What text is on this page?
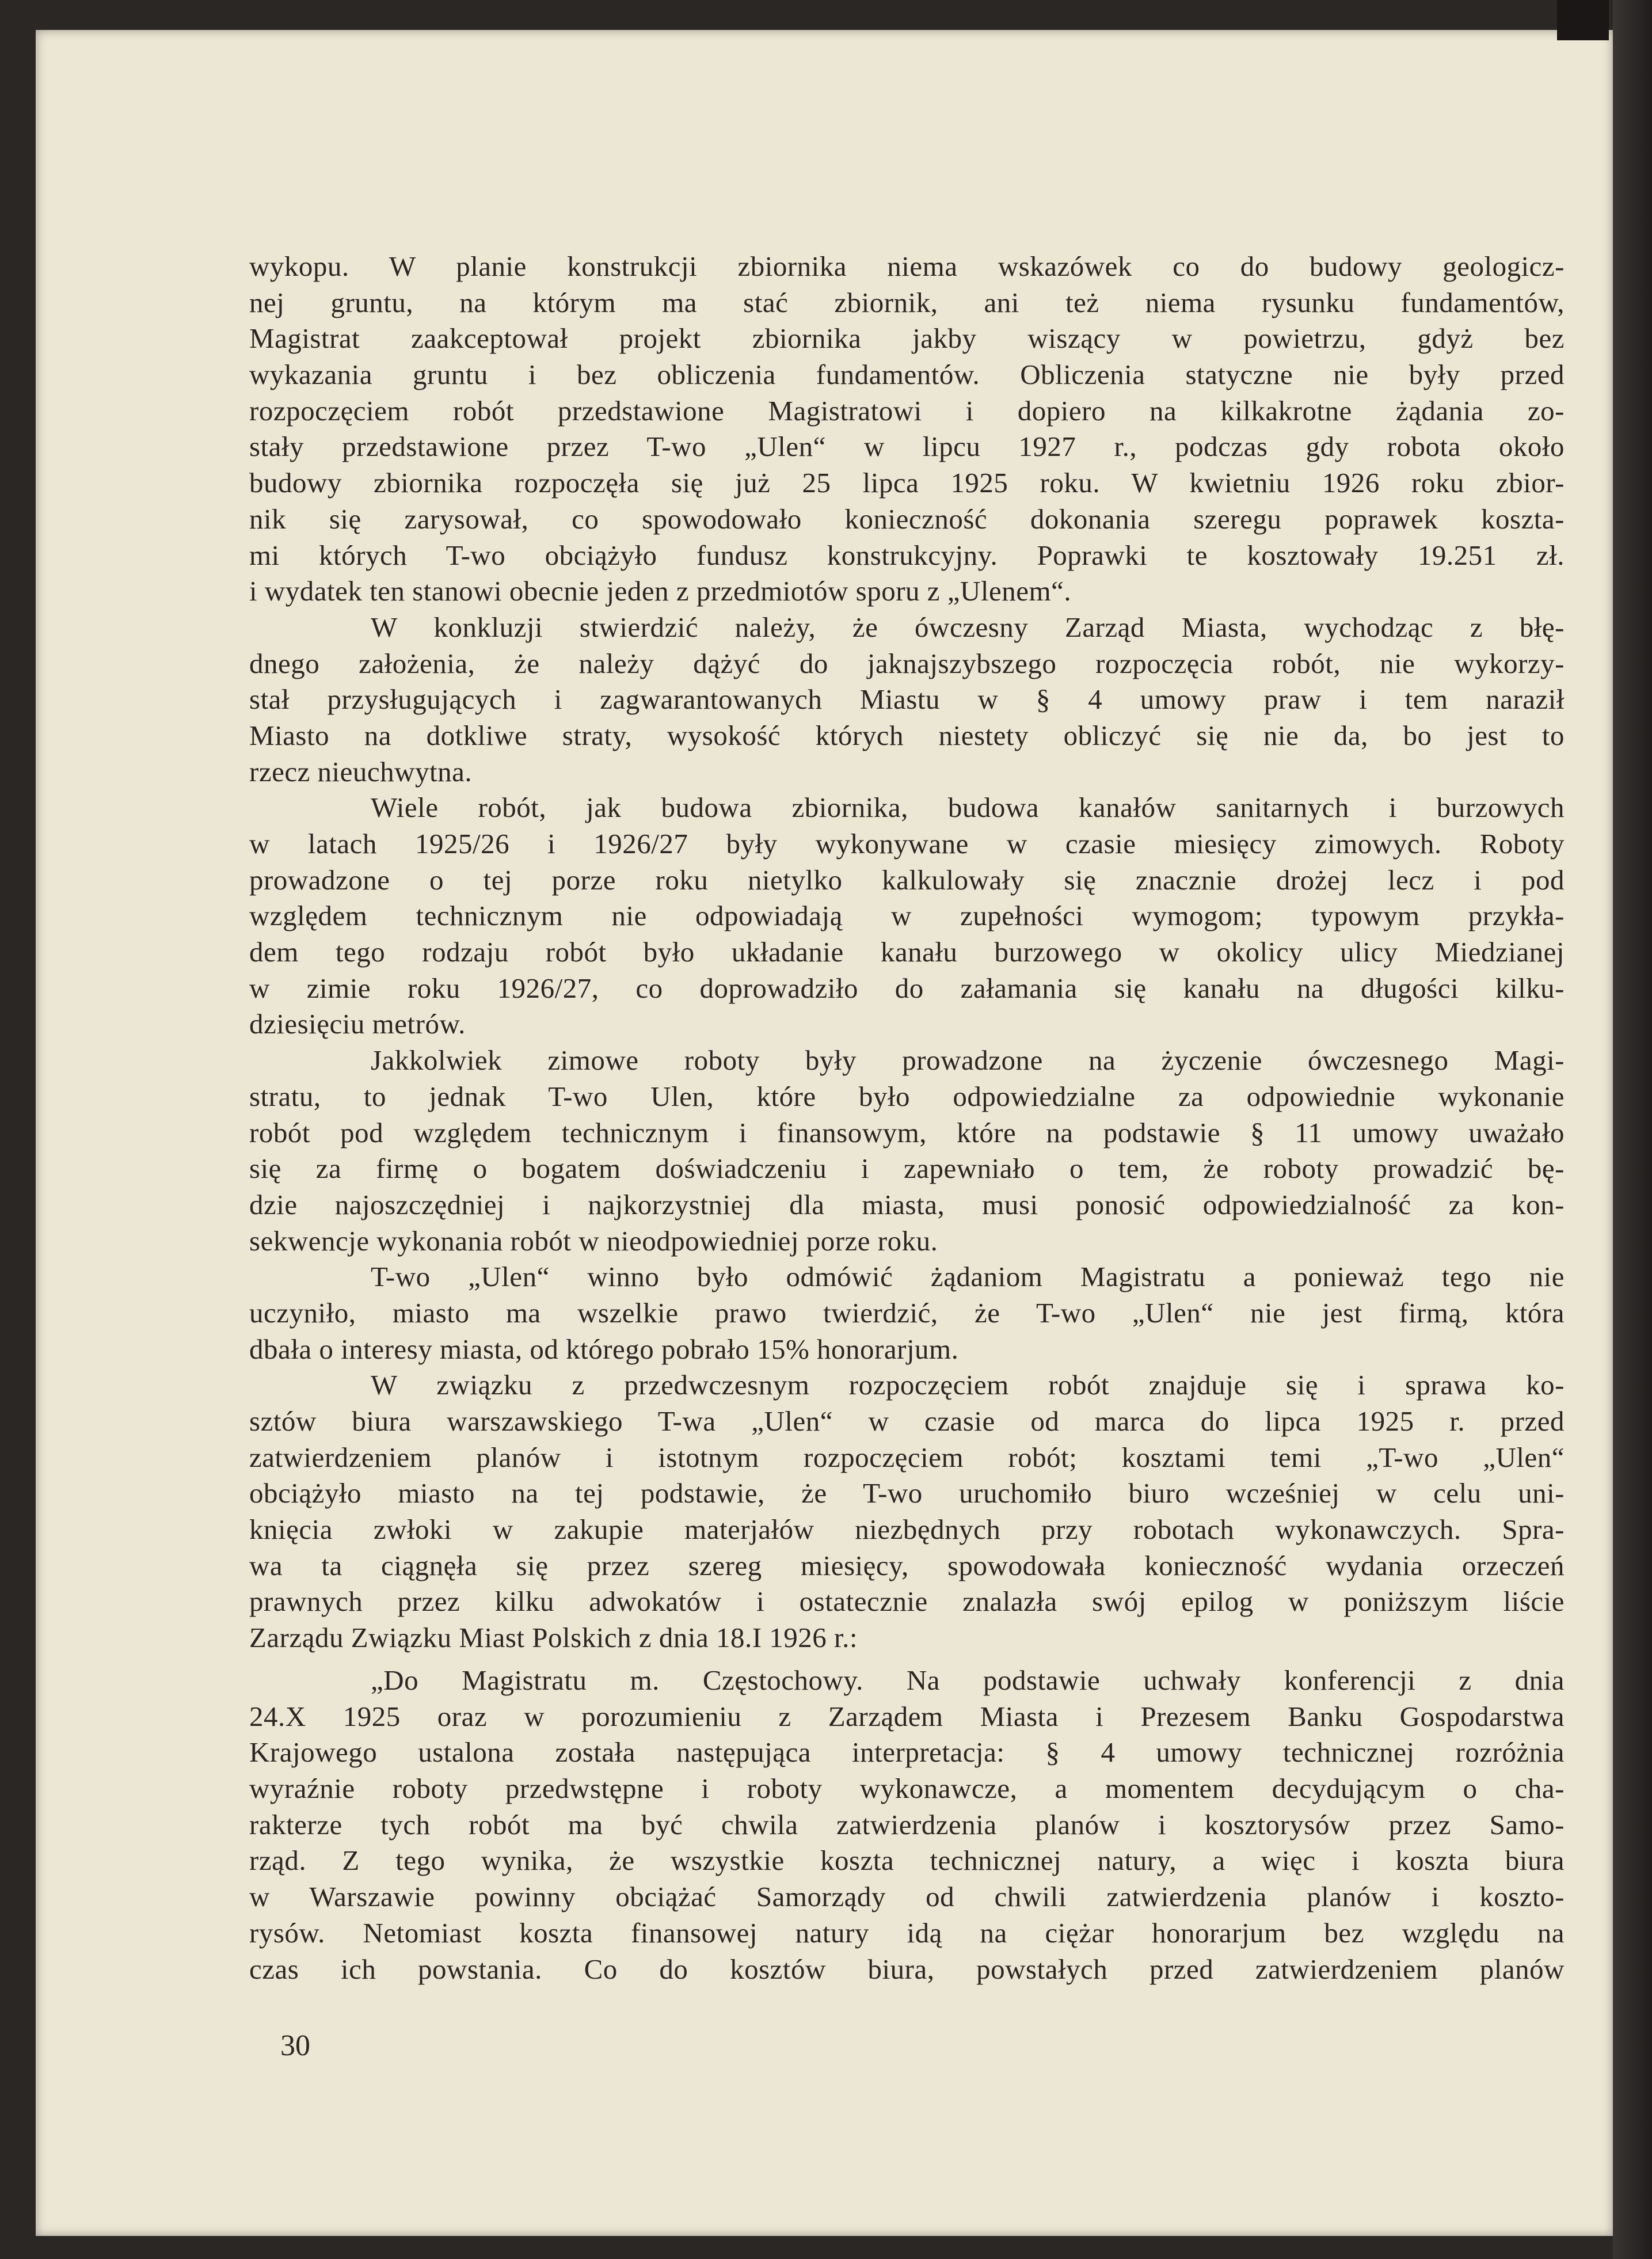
wykopu. W planie konstrukcji zbiornika niema wskazówek co do budowy geologicz-
nej gruntu, na którym ma stać zbiornik, ani też niema rysunku fundamentów,
Magistrat zaakceptował projekt zbiornika jakby wiszący w powietrzu, gdyż bez
wykazania gruntu i bez obliczenia fundamentów. Obliczenia statyczne nie były przed
rozpoczęciem robót przedstawione Magistratowi i dopiero na kilkakrotne żądania zo-
stały przedstawione przez T-wo „Ulen“ w lipcu 1927 r., podczas gdy robota około
budowy zbiornika rozpoczęła się już 25 lipca 1925 roku. W kwietniu 1926 roku zbior-
nik się zarysował, co spowodowało konieczność dokonania szeregu poprawek koszta-
mi których T-wo obciążyło fundusz konstrukcyjny. Poprawki te kosztowały 19.251 zł.
i wydatek ten stanowi obecnie jeden z przedmiotów sporu z „Ulenem“.
W konkluzji stwierdzić należy, że ówczesny Zarząd Miasta, wychodząc z błę-
dnego założenia, że należy dążyć do jaknajszybszego rozpoczęcia robót, nie wykorzy-
stał przysługujących i zagwarantowanych Miastu w § 4 umowy praw i tem naraził
Miasto na dotkliwe straty, wysokość których niestety obliczyć się nie da, bo jest to
rzecz nieuchwytna.
Wiele robót, jak budowa zbiornika, budowa kanałów sanitarnych i burzowych
w latach 1925/26 i 1926/27 były wykonywane w czasie miesięcy zimowych. Roboty
prowadzone o tej porze roku nietylko kalkulowały się znacznie drożej lecz i pod
względem technicznym nie odpowiadają w zupełności wymogom; typowym przykła-
dem tego rodzaju robót było układanie kanału burzowego w okolicy ulicy Miedzianej
w zimie roku 1926/27, co doprowadziło do załamania się kanału na długości kilku-
dziesięciu metrów.
Jakkolwiek zimowe roboty były prowadzone na życzenie ówczesnego Magi-
stratu, to jednak T-wo Ulen, które było odpowiedzialne za odpowiednie wykonanie
robót pod względem technicznym i finansowym, które na podstawie § 11 umowy uważało
się za firmę o bogatem doświadczeniu i zapewniało o tem, że roboty prowadzić bę-
dzie najoszczędniej i najkorzystniej dla miasta, musi ponosić odpowiedzialność za kon-
sekwencje wykonania robót w nieodpowiedniej porze roku.
T-wo „Ulen“ winno było odmówić żądaniom Magistratu a ponieważ tego nie
uczyniło, miasto ma wszelkie prawo twierdzić, że T-wo „Ulen“ nie jest firmą, która
dbała o interesy miasta, od którego pobrało 15% honorarjum.
W związku z przedwczesnym rozpoczęciem robót znajduje się i sprawa ko-
sztów biura warszawskiego T-wa „Ulen“ w czasie od marca do lipca 1925 r. przed
zatwierdzeniem planów i istotnym rozpoczęciem robót; kosztami temi „T-wo „Ulen“
obciążyło miasto na tej podstawie, że T-wo uruchomiło biuro wcześniej w celu uni-
knięcia zwłoki w zakupie materjałów niezbędnych przy robotach wykonawczych. Spra-
wa ta ciągnęła się przez szereg miesięcy, spowodowała konieczność wydania orzeczeń
prawnych przez kilku adwokatów i ostatecznie znalazła swój epilog w poniższym liście
Zarządu Związku Miast Polskich z dnia 18.I 1926 r.:
„Do Magistratu m. Częstochowy. Na podstawie uchwały konferencji z dnia
24.X 1925 oraz w porozumieniu z Zarządem Miasta i Prezesem Banku Gospodarstwa
Krajowego ustalona została następująca interpretacja: § 4 umowy technicznej rozróżnia
wyraźnie roboty przedwstępne i roboty wykonawcze, a momentem decydującym o cha-
rakterze tych robót ma być chwila zatwierdzenia planów i kosztorysów przez Samo-
rząd. Z tego wynika, że wszystkie koszta technicznej natury, a więc i koszta biura
w Warszawie powinny obciążać Samorządy od chwili zatwierdzenia planów i koszto-
rysów. Netomiast koszta finansowej natury idą na ciężar honorarjum bez względu na
czas ich powstania. Co do kosztów biura, powstałych przed zatwierdzeniem planów
30
